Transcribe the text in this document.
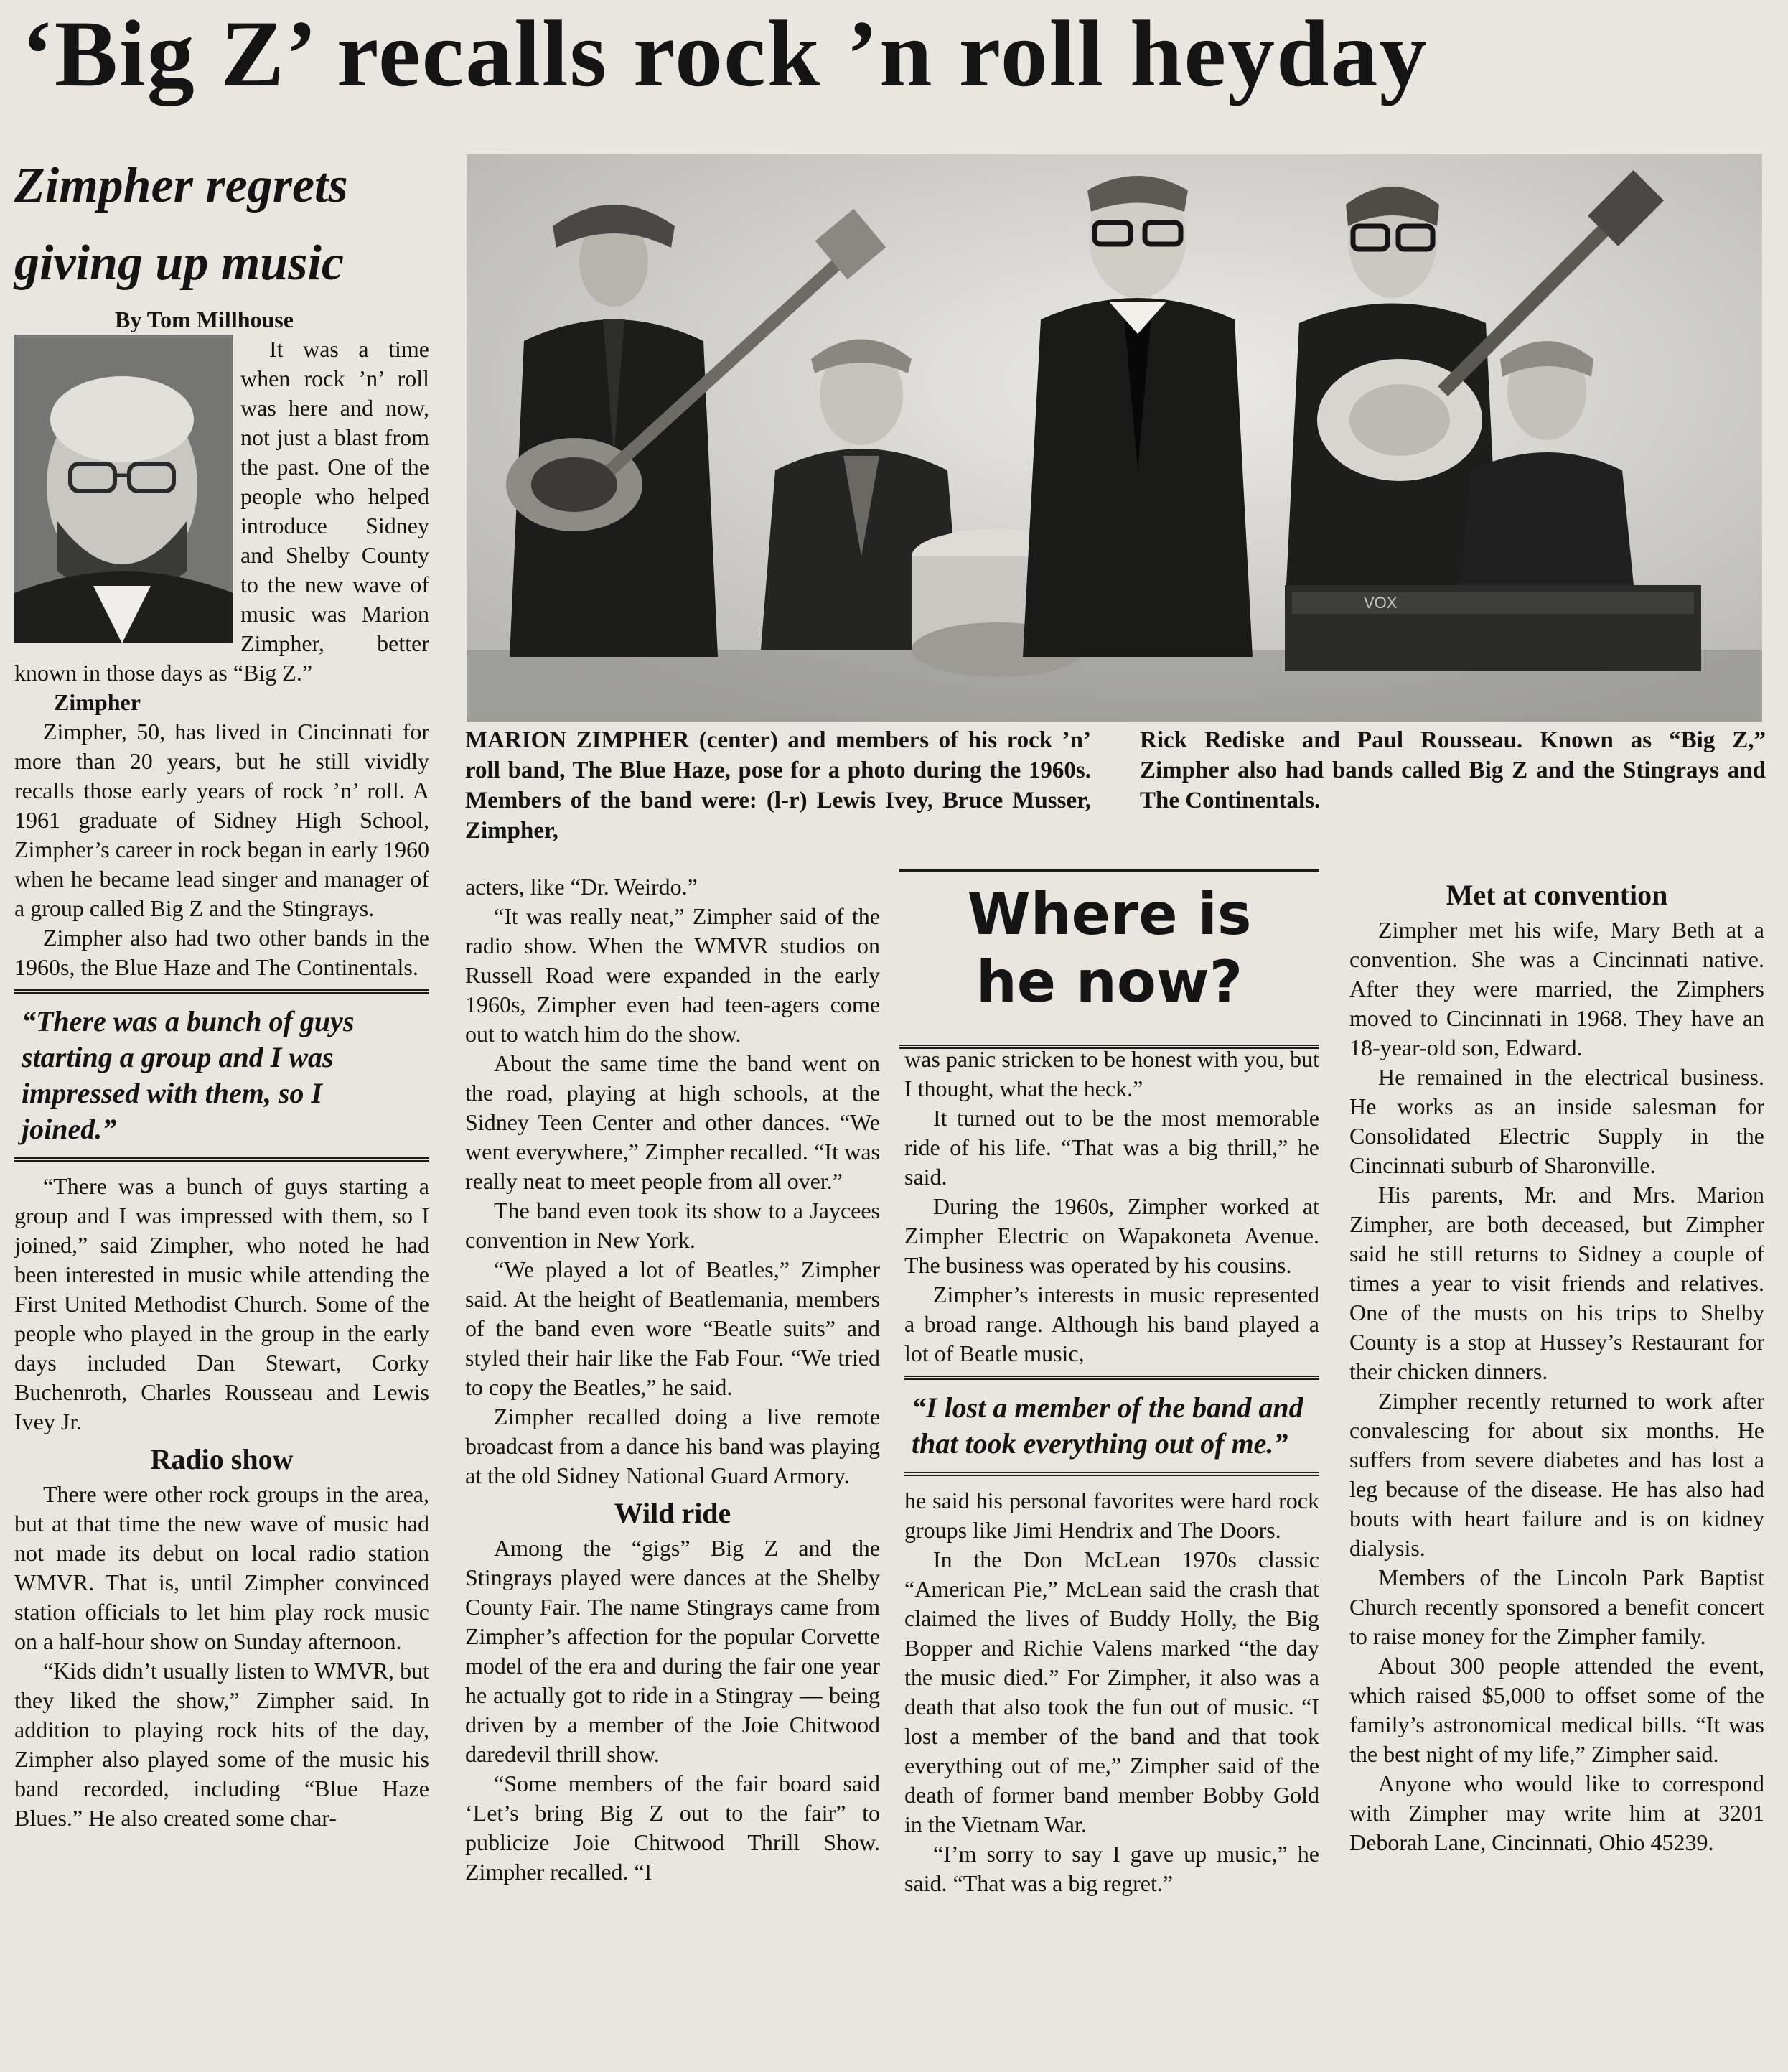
‘Big Z’ recalls rock ’n roll heyday
Zimpher regrets giving up music
By Tom Millhouse

It was a time when rock ’n’ roll was here and now, not just a blast from the past. One of the people who helped introduce Sidney and Shelby County to the new wave of music was Marion Zimpher, better known in those days as “Big Z.”

Zimpher

Zimpher, 50, has lived in Cincinnati for more than 20 years, but he still vividly recalls those early years of rock ’n’ roll. A 1961 graduate of Sidney High School, Zimpher’s career in rock began in early 1960 when he became lead singer and manager of a group called Big Z and the Stingrays.

Zimpher also had two other bands in the 1960s, the Blue Haze and The Continentals.

“There was a bunch of guys starting a group and I was impressed with them, so I joined.”

“There was a bunch of guys starting a group and I was impressed with them, so I joined,” said Zimpher, who noted he had been interested in music while attending the First United Methodist Church. Some of the people who played in the group in the early days included Dan Stewart, Corky Buchenroth, Charles Rousseau and Lewis Ivey Jr.

Radio show

There were other rock groups in the area, but at that time the new wave of music had not made its debut on local radio station WMVR. That is, until Zimpher convinced station officials to let him play rock music on a half-hour show on Sunday afternoon.

“Kids didn’t usually listen to WMVR, but they liked the show,” Zimpher said. In addition to playing rock hits of the day, Zimpher also played some of the music his band recorded, including “Blue Haze Blues.” He also created some char-

VOX
MARION ZIMPHER (center) and members of his rock ’n’ roll band, The Blue Haze, pose for a photo during the 1960s. Members of the band were: (l-r) Lewis Ivey, Bruce Musser, Zimpher,
Rick Rediske and Paul Rousseau. Known as “Big Z,” Zimpher also had bands called Big Z and the Stingrays and The Continentals.

acters, like “Dr. Weirdo.”

“It was really neat,” Zimpher said of the radio show. When the WMVR studios on Russell Road were expanded in the early 1960s, Zimpher even had teen-agers come out to watch him do the show.

About the same time the band went on the road, playing at high schools, at the Sidney Teen Center and other dances. “We went everywhere,” Zimpher recalled. “It was really neat to meet people from all over.”

The band even took its show to a Jaycees convention in New York.

“We played a lot of Beatles,” Zimpher said. At the height of Beatlemania, members of the band even wore “Beatle suits” and styled their hair like the Fab Four. “We tried to copy the Beatles,” he said.

Zimpher recalled doing a live remote broadcast from a dance his band was playing at the old Sidney National Guard Armory.

Wild ride

Among the “gigs” Big Z and the Stingrays played were dances at the Shelby County Fair. The name Stingrays came from Zimpher’s affection for the popular Corvette model of the era and during the fair one year he actually got to ride in a Stingray — being driven by a member of the Joie Chitwood daredevil thrill show.

“Some members of the fair board said ‘Let’s bring Big Z out to the fair” to publicize Joie Chitwood Thrill Show. Zimpher recalled. “I

Where is
he now?

was panic stricken to be honest with you, but I thought, what the heck.”

It turned out to be the most memorable ride of his life. “That was a big thrill,” he said.

During the 1960s, Zimpher worked at Zimpher Electric on Wapakoneta Avenue. The business was operated by his cousins.

Zimpher’s interests in music represented a broad range. Although his band played a lot of Beatle music,

“I lost a member of the band and that took everything out of me.”

he said his personal favorites were hard rock groups like Jimi Hendrix and The Doors.

In the Don McLean 1970s classic “American Pie,” McLean said the crash that claimed the lives of Buddy Holly, the Big Bopper and Richie Valens marked “the day the music died.” For Zimpher, it also was a death that also took the fun out of music. “I lost a member of the band and that took everything out of me,” Zimpher said of the death of former band member Bobby Gold in the Vietnam War.

“I’m sorry to say I gave up music,” he said. “That was a big regret.”

Met at convention

Zimpher met his wife, Mary Beth at a convention. She was a Cincinnati native. After they were married, the Zimphers moved to Cincinnati in 1968. They have an 18-year-old son, Edward.

He remained in the electrical business. He works as an inside salesman for Consolidated Electric Supply in the Cincinnati suburb of Sharonville.

His parents, Mr. and Mrs. Marion Zimpher, are both deceased, but Zimpher said he still returns to Sidney a couple of times a year to visit friends and relatives. One of the musts on his trips to Shelby County is a stop at Hussey’s Restaurant for their chicken dinners.

Zimpher recently returned to work after convalescing for about six months. He suffers from severe diabetes and has lost a leg because of the disease. He has also had bouts with heart failure and is on kidney dialysis.

Members of the Lincoln Park Baptist Church recently sponsored a benefit concert to raise money for the Zimpher family.

About 300 people attended the event, which raised $5,000 to offset some of the family’s astronomical medical bills. “It was the best night of my life,” Zimpher said.

Anyone who would like to correspond with Zimpher may write him at 3201 Deborah Lane, Cincinnati, Ohio 45239.
